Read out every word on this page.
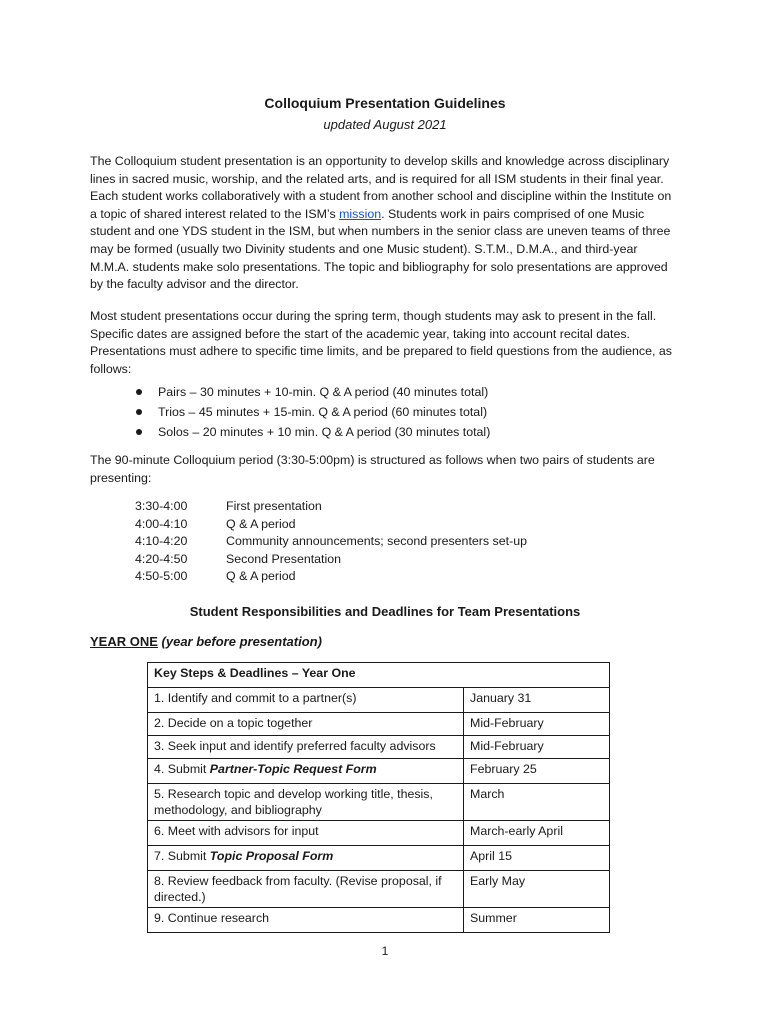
Colloquium Presentation Guidelines
updated August 2021

The Colloquium student presentation is an opportunity to develop skills and knowledge across disciplinary lines in sacred music, worship, and the related arts, and is required for all ISM students in their final year. Each student works collaboratively with a student from another school and discipline within the Institute on a topic of shared interest related to the ISM’s mission. Students work in pairs comprised of one Music student and one YDS student in the ISM, but when numbers in the senior class are uneven teams of three may be formed (usually two Divinity students and one Music student). S.T.M., D.M.A., and third-year M.M.A. students make solo presentations. The topic and bibliography for solo presentations are approved by the faculty advisor and the director.

Most student presentations occur during the spring term, though students may ask to present in the fall. Specific dates are assigned before the start of the academic year, taking into account recital dates. Presentations must adhere to specific time limits, and be prepared to field questions from the audience, as follows:

Pairs – 30 minutes + 10-min. Q & A period (40 minutes total)
Trios – 45 minutes + 15-min. Q & A period (60 minutes total)
Solos – 20 minutes + 10 min. Q & A period (30 minutes total)

The 90-minute Colloquium period (3:30-5:00pm) is structured as follows when two pairs of students are presenting:

3:30-4:00	First presentation
4:00-4:10	Q & A period
4:10-4:20	Community announcements; second presenters set-up
4:20-4:50	Second Presentation
4:50-5:00	Q & A period
Student Responsibilities and Deadlines for Team Presentations
YEAR ONE (year before presentation)
Key Steps & Deadlines – Year One	
1. Identify and commit to a partner(s)	January 31
2. Decide on a topic together	Mid-February
3. Seek input and identify preferred faculty advisors	Mid-February
4. Submit Partner-Topic Request Form	February 25
5. Research topic and develop working title, thesis, methodology, and bibliography	March
6. Meet with advisors for input	March-early April
7. Submit Topic Proposal Form	April 15
8. Review feedback from faculty. (Revise proposal, if directed.)	Early May
9. Continue research	Summer
1
